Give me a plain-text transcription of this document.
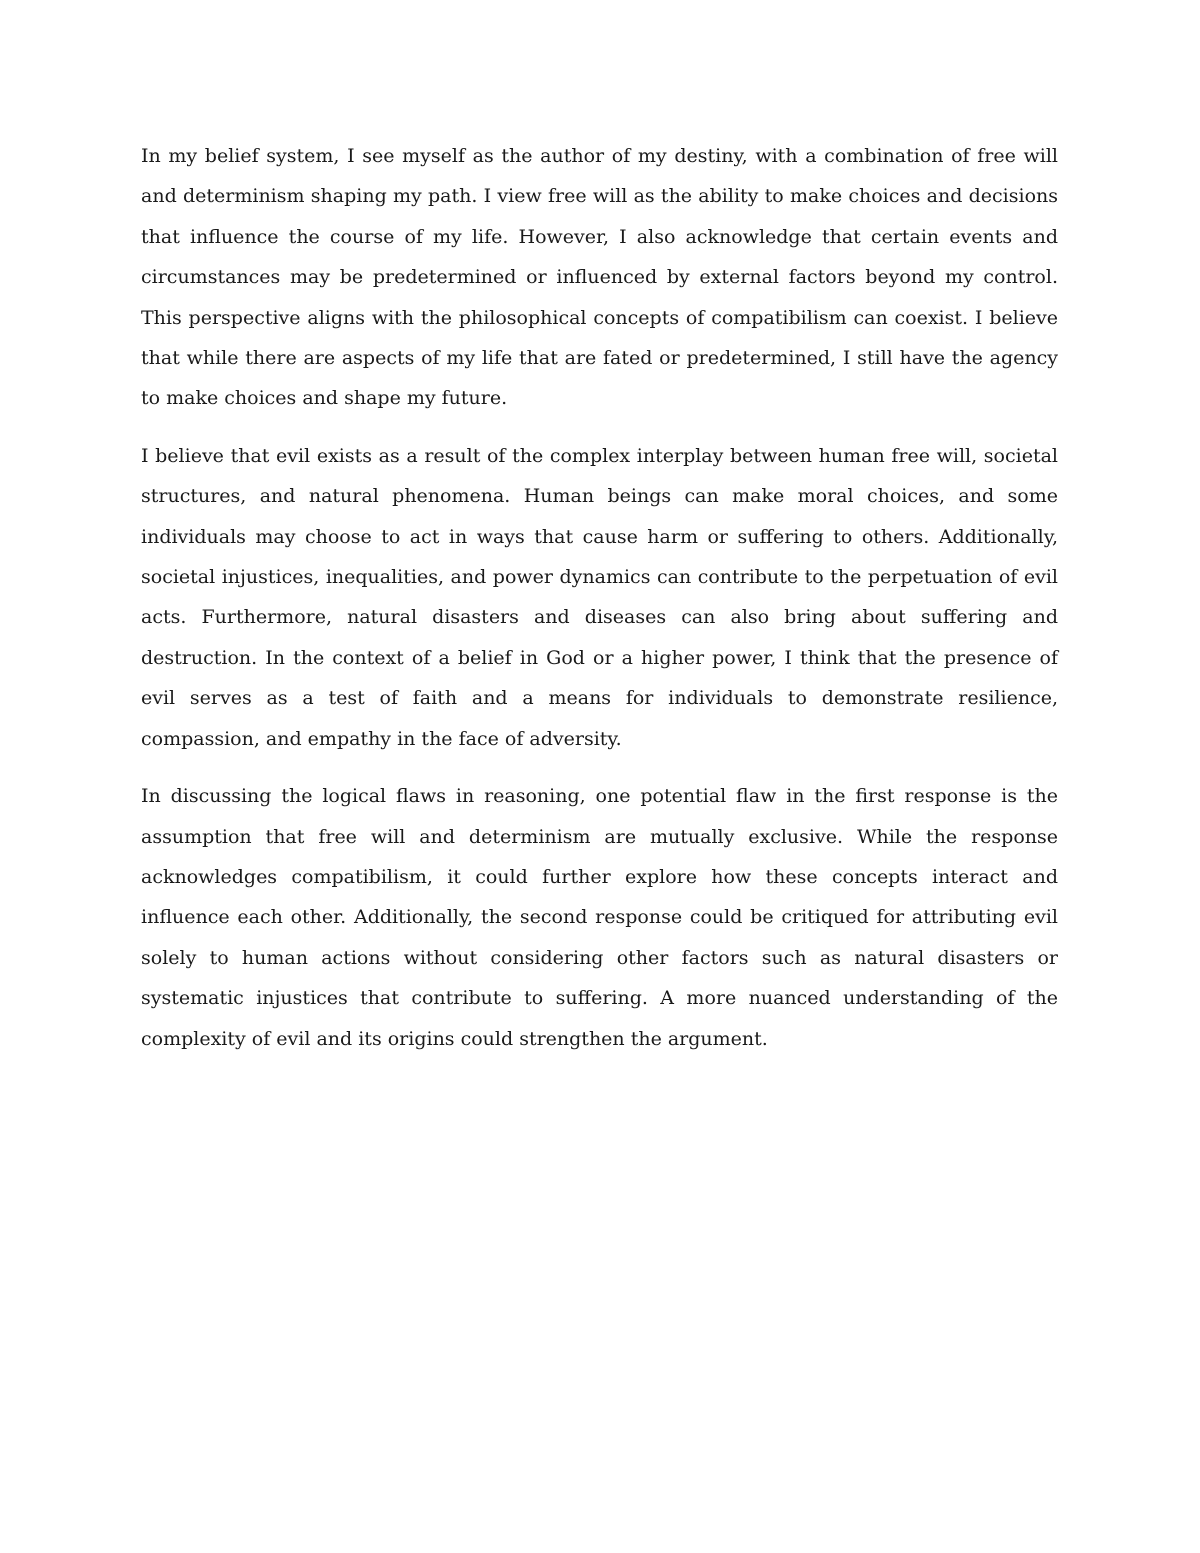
In my belief system, I see myself as the author of my destiny, with a combination of free will and determinism shaping my path. I view free will as the ability to make choices and decisions that influence the course of my life. However, I also acknowledge that certain events and circumstances may be predetermined or influenced by external factors beyond my control. This perspective aligns with the philosophical concepts of compatibilism can coexist. I believe that while there are aspects of my life that are fated or predetermined, I still have the agency to make choices and shape my future.

I believe that evil exists as a result of the complex interplay between human free will, societal structures, and natural phenomena. Human beings can make moral choices, and some individuals may choose to act in ways that cause harm or suffering to others. Additionally, societal injustices, inequalities, and power dynamics can contribute to the perpetuation of evil acts. Furthermore, natural disasters and diseases can also bring about suffering and destruction. In the context of a belief in God or a higher power, I think that the presence of evil serves as a test of faith and a means for individuals to demonstrate resilience, compassion, and empathy in the face of adversity.

In discussing the logical flaws in reasoning, one potential flaw in the first response is the assumption that free will and determinism are mutually exclusive. While the response acknowledges compatibilism, it could further explore how these concepts interact and influence each other. Additionally, the second response could be critiqued for attributing evil solely to human actions without considering other factors such as natural disasters or systematic injustices that contribute to suffering. A more nuanced understanding of the complexity of evil and its origins could strengthen the argument.
